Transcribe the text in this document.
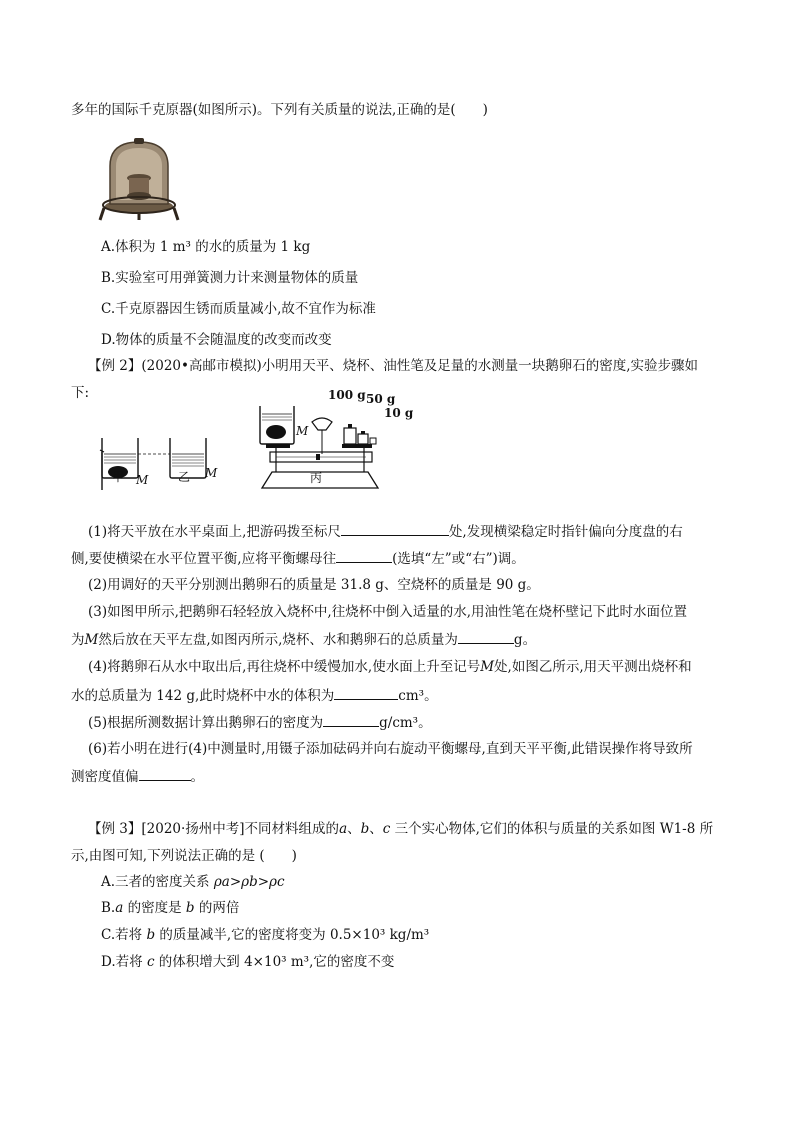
多年的国际千克原器(如图所示)。下列有关质量的说法,正确的是(　　)
A.体积为 1 m³ 的水的质量为 1 kg
B.实验室可用弹簧测力计来测量物体的质量
C.千克原器因生锈而质量减小,故不宜作为标准
D.物体的质量不会随温度的改变而改变
【例 2】(2020•高邮市模拟)小明用天平、烧杯、油性笔及足量的水测量一块鹅卵石的密度,实验步骤如
下:
甲	乙	丙
M	M
M
100 g 50 g
10 g
(1)将天平放在水平桌面上,把游码拨至标尺	处,发现横梁稳定时指针偏向分度盘的右
侧,要使横梁在水平位置平衡,应将平衡螺母往	(选填“左”或“右”)调。
(2)用调好的天平分别测出鹅卵石的质量是 31.8 g、空烧杯的质量是 90 g。
(3)如图甲所示,把鹅卵石轻轻放入烧杯中,往烧杯中倒入适量的水,用油性笔在烧杯壁记下此时水面位置
为M然后放在天平左盘,如图丙所示,烧杯、水和鹅卵石的总质量为	g。
(4)将鹅卵石从水中取出后,再往烧杯中缓慢加水,使水面上升至记号M处,如图乙所示,用天平测出烧杯和
水的总质量为 142 g,此时烧杯中水的体积为	cm³。
(5)根据所测数据计算出鹅卵石的密度为	g/cm³。
(6)若小明在进行(4)中测量时,用镊子添加砝码并向右旋动平衡螺母,直到天平平衡,此错误操作将导致所
测密度值偏	。
【例 3】[2020·扬州中考]不同材料组成的a、b、c 三个实心物体,它们的体积与质量的关系如图 W1-8 所
示,由图可知,下列说法正确的是 (　　)
A.三者的密度关系 ρa>ρb>ρc
B.a 的密度是 b 的两倍
C.若将 b 的质量减半,它的密度将变为 0.5×10³ kg/m³
D.若将 c 的体积增大到 4×10³ m³,它的密度不变
